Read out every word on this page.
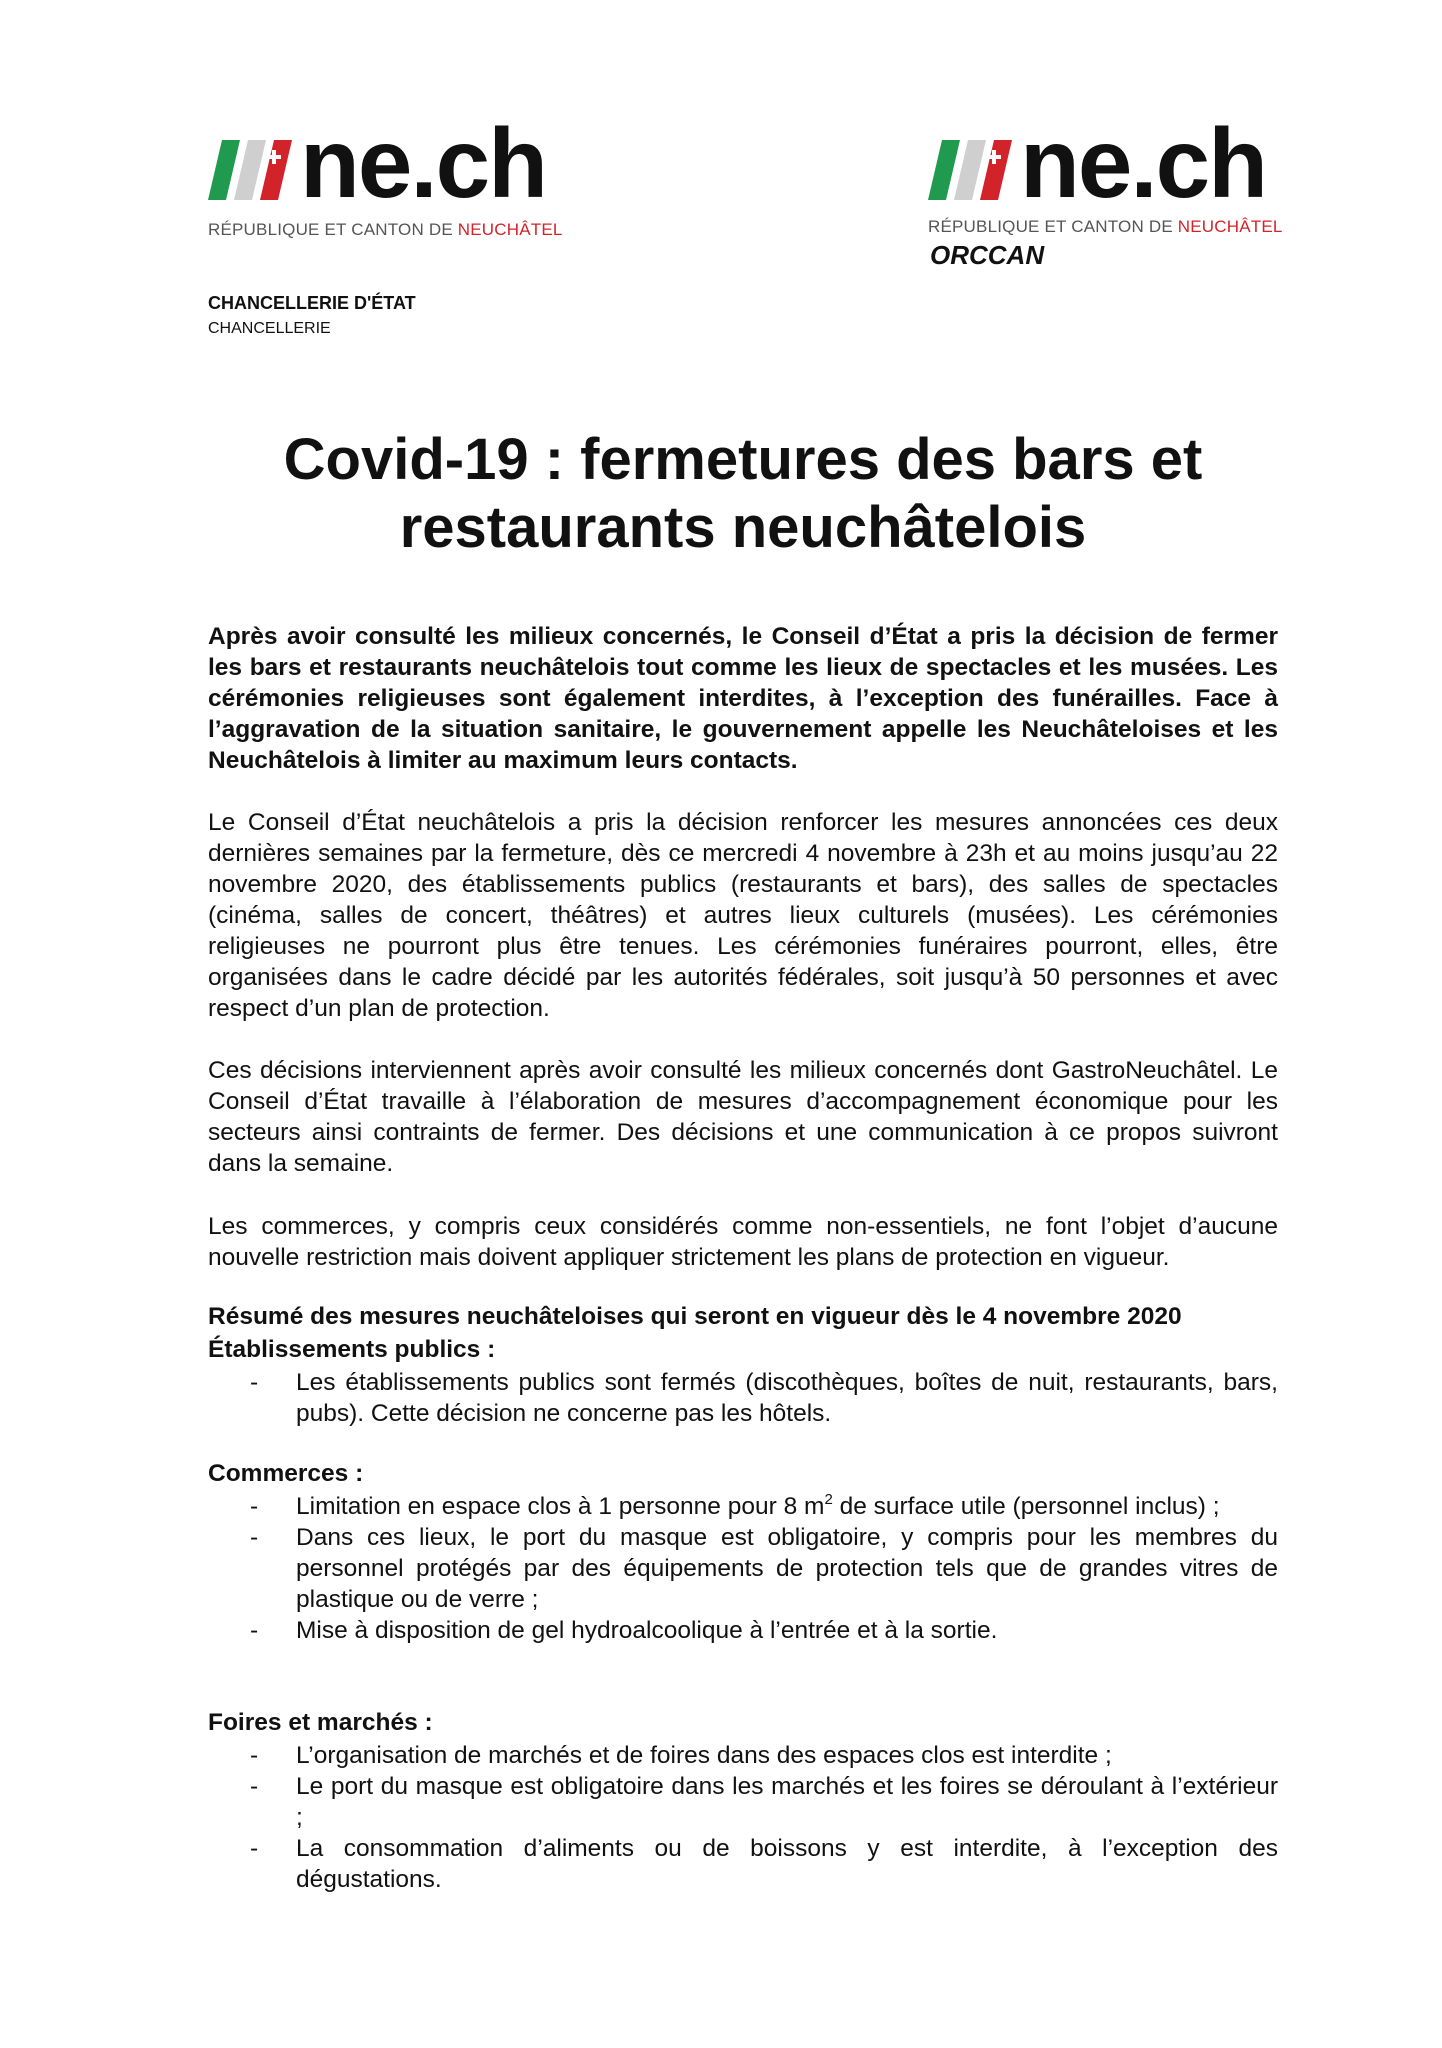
ne.ch
RÉPUBLIQUE ET CANTON DE NEUCHÂTEL
ne.ch
RÉPUBLIQUE ET CANTON DE NEUCHÂTEL
ORCCAN
CHANCELLERIE D'ÉTAT
CHANCELLERIE
Covid-19 : fermetures des bars et restaurants neuchâtelois

Après avoir consulté les milieux concernés, le Conseil d’État a pris la décision de fermer les bars et restaurants neuchâtelois tout comme les lieux de spectacles et les musées. Les cérémonies religieuses sont également interdites, à l’exception des funérailles. Face à l’aggravation de la situation sanitaire, le gouvernement appelle les Neuchâteloises et les Neuchâtelois à limiter au maximum leurs contacts.

Le Conseil d’État neuchâtelois a pris la décision renforcer les mesures annoncées ces deux dernières semaines par la fermeture, dès ce mercredi 4 novembre à 23h et au moins jusqu’au 22 novembre 2020, des établissements publics (restaurants et bars), des salles de spectacles (cinéma, salles de concert, théâtres) et autres lieux culturels (musées). Les cérémonies religieuses ne pourront plus être tenues. Les cérémonies funéraires pourront, elles, être organisées dans le cadre décidé par les autorités fédérales, soit jusqu’à 50 personnes et avec respect d’un plan de protection.

Ces décisions interviennent après avoir consulté les milieux concernés dont GastroNeuchâtel. Le Conseil d’État travaille à l’élaboration de mesures d’accompagnement économique pour les secteurs ainsi contraints de fermer. Des décisions et une communication à ce propos suivront dans la semaine.

Les commerces, y compris ceux considérés comme non-essentiels, ne font l’objet d’aucune nouvelle restriction mais doivent appliquer strictement les plans de protection en vigueur.

Résumé des mesures neuchâteloises qui seront en vigueur dès le 4 novembre 2020
Établissements publics :
- Les établissements publics sont fermés (discothèques, boîtes de nuit, restaurants, bars, pubs). Cette décision ne concerne pas les hôtels.
Commerces :
- Limitation en espace clos à 1 personne pour 8 $m^2$ de surface utile (personnel inclus) ;
- Dans ces lieux, le port du masque est obligatoire, y compris pour les membres du personnel protégés par des équipements de protection tels que de grandes vitres de plastique ou de verre ;
- Mise à disposition de gel hydroalcoolique à l’entrée et à la sortie.
Foires et marchés :
- L’organisation de marchés et de foires dans des espaces clos est interdite ;
- Le port du masque est obligatoire dans les marchés et les foires se déroulant à l’extérieur ;
- La consommation d’aliments ou de boissons y est interdite, à l’exception des dégustations.
